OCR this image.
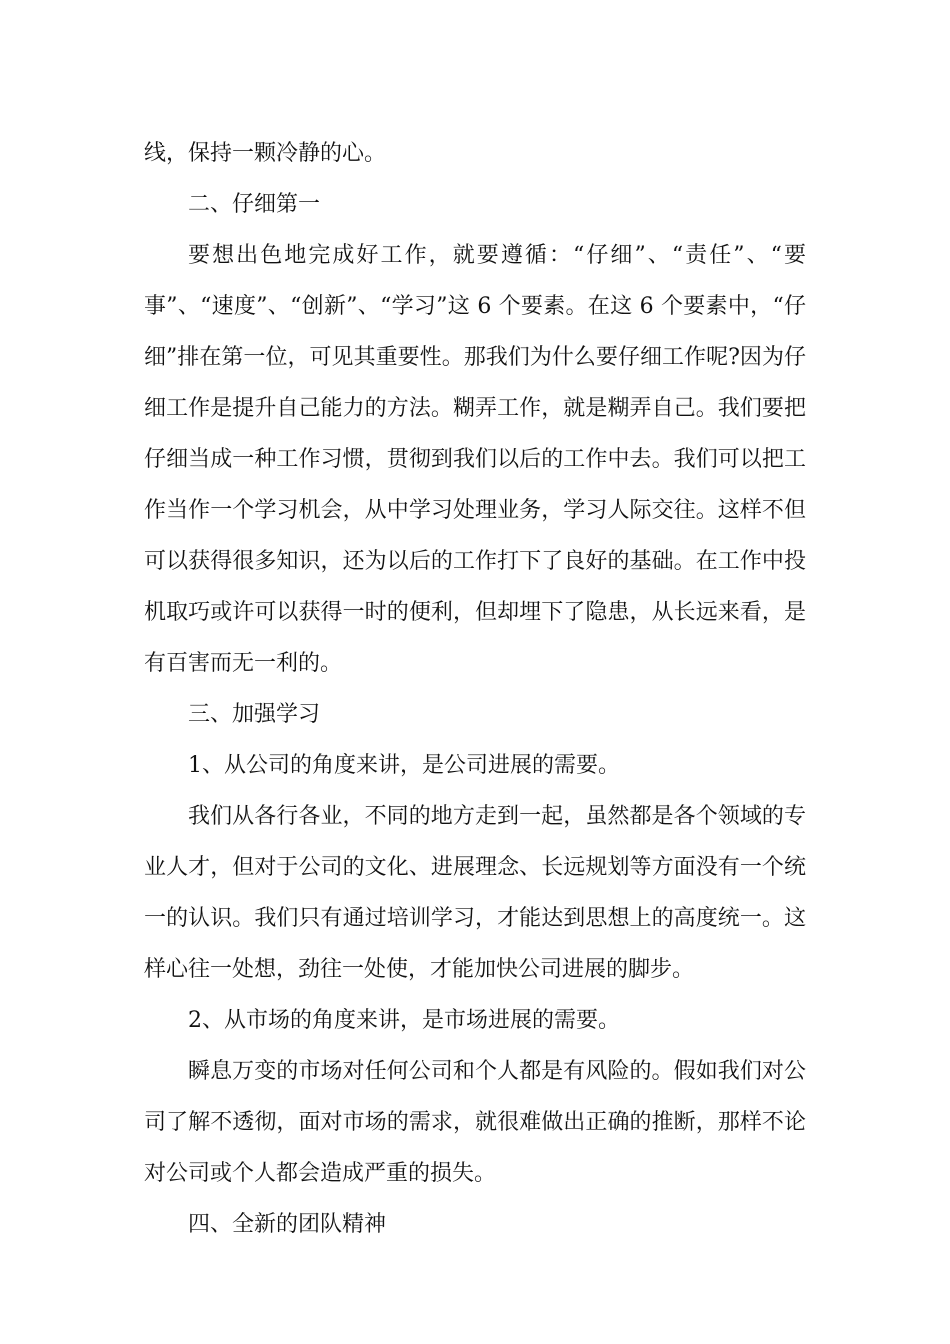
线，保持一颗冷静的心。

二、仔细第一

要想出色地完成好工作，就要遵循：“仔细”、“责任”、“要事”、“速度”、“创新”、“学习”这 6 个要素。在这 6 个要素中，“仔细”排在第一位，可见其重要性。那我们为什么要仔细工作呢?因为仔细工作是提升自己能力的方法。糊弄工作，就是糊弄自己。我们要把仔细当成一种工作习惯，贯彻到我们以后的工作中去。我们可以把工作当作一个学习机会，从中学习处理业务，学习人际交往。这样不但可以获得很多知识，还为以后的工作打下了良好的基础。在工作中投机取巧或许可以获得一时的便利，但却埋下了隐患，从长远来看，是有百害而无一利的。

三、加强学习

1、从公司的角度来讲，是公司进展的需要。

我们从各行各业，不同的地方走到一起，虽然都是各个领域的专业人才，但对于公司的文化、进展理念、长远规划等方面没有一个统一的认识。我们只有通过培训学习，才能达到思想上的高度统一。这样心往一处想，劲往一处使，才能加快公司进展的脚步。

2、从市场的角度来讲，是市场进展的需要。

瞬息万变的市场对任何公司和个人都是有风险的。假如我们对公司了解不透彻，面对市场的需求，就很难做出正确的推断，那样不论对公司或个人都会造成严重的损失。

四、全新的团队精神
